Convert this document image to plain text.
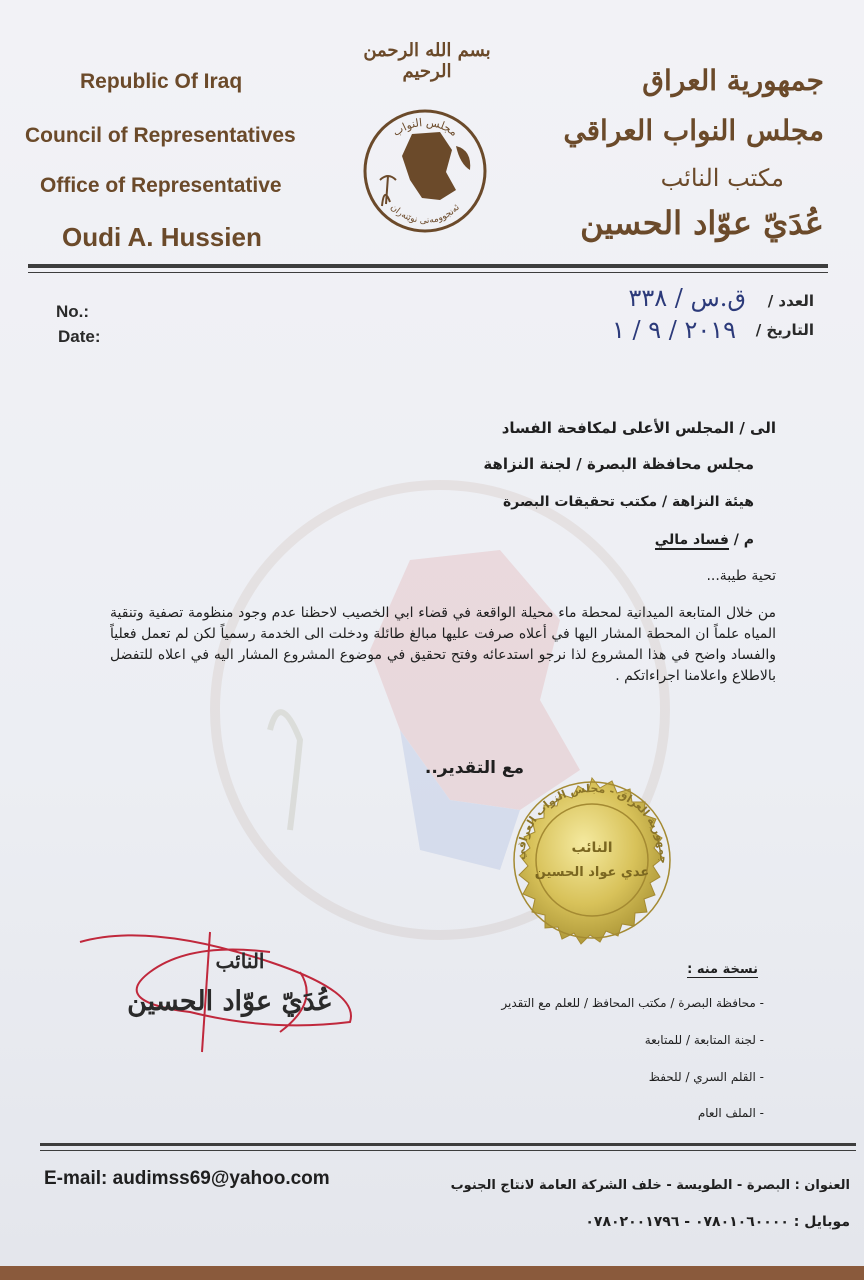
Republic Of Iraq
Council of Representatives
Office of Representative
Oudi A. Hussien
بسم الله الرحمن الرحيم
مجلس النواب
ئەنجوومەنی نوێنەران
جمهورية العراق
مجلس النواب العراقي
مكتب النائب
عُدَيّ عوّاد الحسين
No.:
Date:
العدد /
التاريخ /
ق.س / ٣٣٨
٢٠١٩ / ٩ / ١
الى / المجلس الأعلى لمكافحة الفساد
مجلس محافظة البصرة / لجنة النزاهة
هيئة النزاهة / مكتب تحقيقات البصرة
م / فساد مالي
تحية طيبة...
من خلال المتابعة الميدانية لمحطة ماء محيلة الواقعة في قضاء ابي الخصيب لاحظنا عدم وجود منظومة تصفية وتنقية المياه علماً ان المحطة المشار اليها في أعلاه صرفت عليها مبالغ طائلة ودخلت الى الخدمة رسمياً لكن لم تعمل فعلياً والفساد واضح في هذا المشروع لذا نرجو استدعائه وفتح تحقيق في موضوع المشروع المشار اليه في اعلاه للتفضل بالاطلاع واعلامنا اجراءاتكم .
مع التقدير..
جمهورية العراق - مجلس النواب العراقي
النائب
عدي عواد الحسين
النائب
عُدَيّ عوّاد الحسين
نسخة منه :
- محافظة البصرة / مكتب المحافظ / للعلم مع التقدير
- لجنة المتابعة / للمتابعة
- القلم السري / للحفظ
- الملف العام
E-mail: audimss69@yahoo.com	العنوان : البصرة - الطويسة - خلف الشركة العامة لانتاج الجنوب
موبايل : ٠٧٨٠١٠٦٠٠٠٠ - ٠٧٨٠٢٠٠١٧٩٦
